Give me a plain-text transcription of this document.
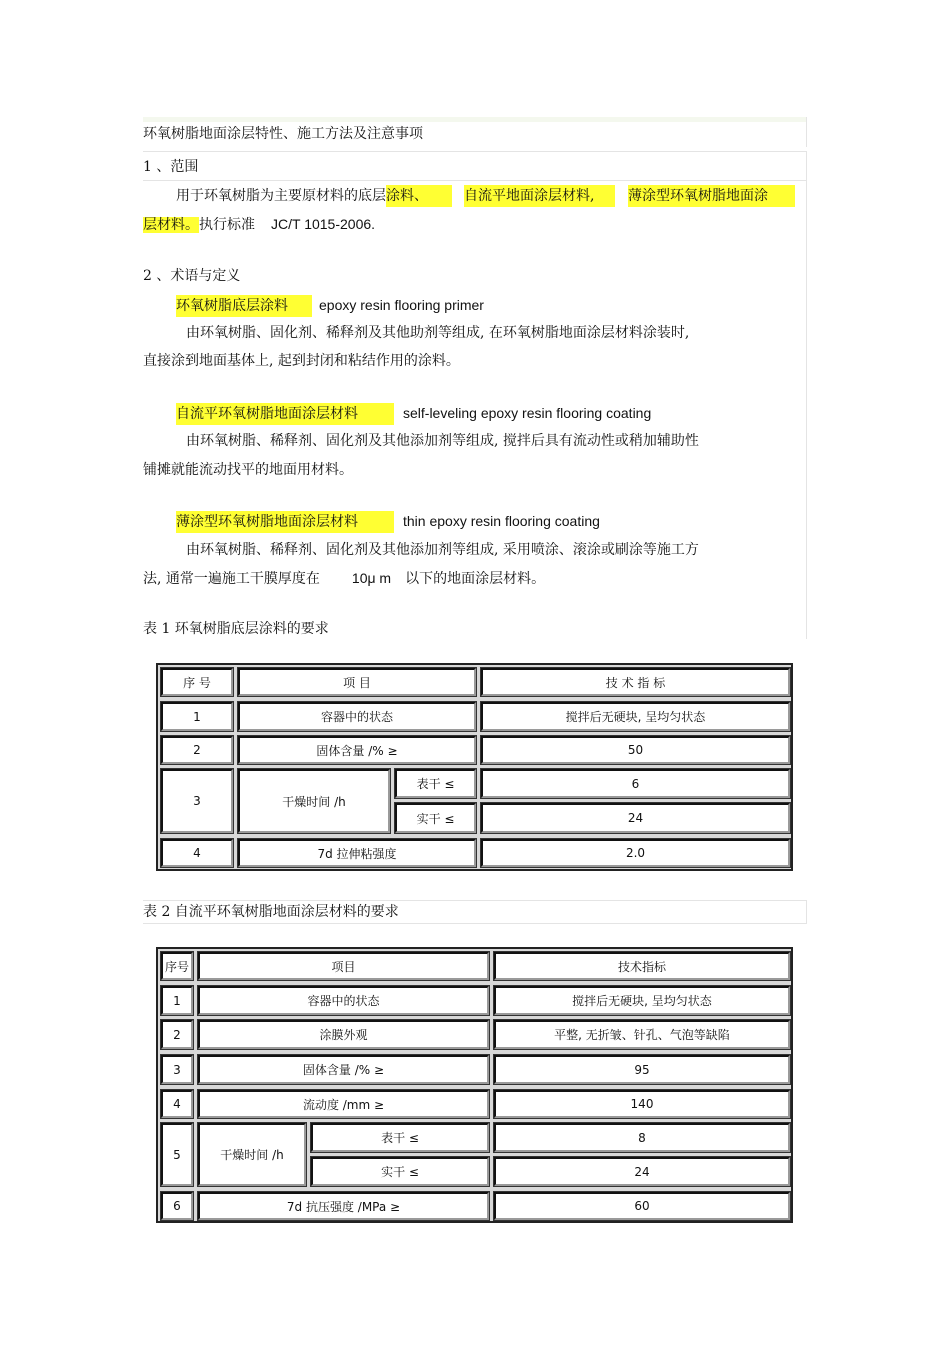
环氧树脂地面涂层特性、施工方法及注意事项
1 、范围
用于环氧树脂为主要原材料的底层涂料、	自流平地面涂层材料, 薄涂型环氧树脂地面涂
层材料。执行标准 JC/T 1015-2006.
2 、术语与定义
环氧树脂底层涂料 epoxy resin flooring primer
由环氧树脂、固化剂、稀释剂及其他助剂等组成, 在环氧树脂地面涂层材料涂装时,
直接涂到地面基体上, 起到封闭和粘结作用的涂料。
自流平环氧树脂地面涂层材料	self-leveling epoxy resin flooring coating
由环氧树脂、稀释剂、固化剂及其他添加剂等组成, 搅拌后具有流动性或稍加辅助性
铺摊就能流动找平的地面用材料。
薄涂型环氧树脂地面涂层材料	thin epoxy resin flooring coating
由环氧树脂、稀释剂、固化剂及其他添加剂等组成, 采用喷涂、滚涂或刷涂等施工方
法, 通常一遍施工干膜厚度在 10μ m 以下的地面涂层材料。
表 1 环氧树脂底层涂料的要求
序 号	项 目	技 术 指 标
1	容器中的状态	搅拌后无硬块, 呈均匀状态
2	固体含量 /% ≥	50
3	干燥时间 /h
表干 ≤	6
实干 ≤	24
4	7d 拉伸粘强度	2.0
表 2 自流平环氧树脂地面涂层材料的要求
序号	项目	技术指标
1	容器中的状态	搅拌后无硬块, 呈均匀状态
2	涂膜外观	平整, 无折皱、针孔、气泡等缺陷
3	固体含量 /% ≥	95
4	流动度 /mm ≥	140
5	干燥时间 /h
表干 ≤	8
实干 ≤	24
6	7d 抗压强度 /MPa ≥	60
